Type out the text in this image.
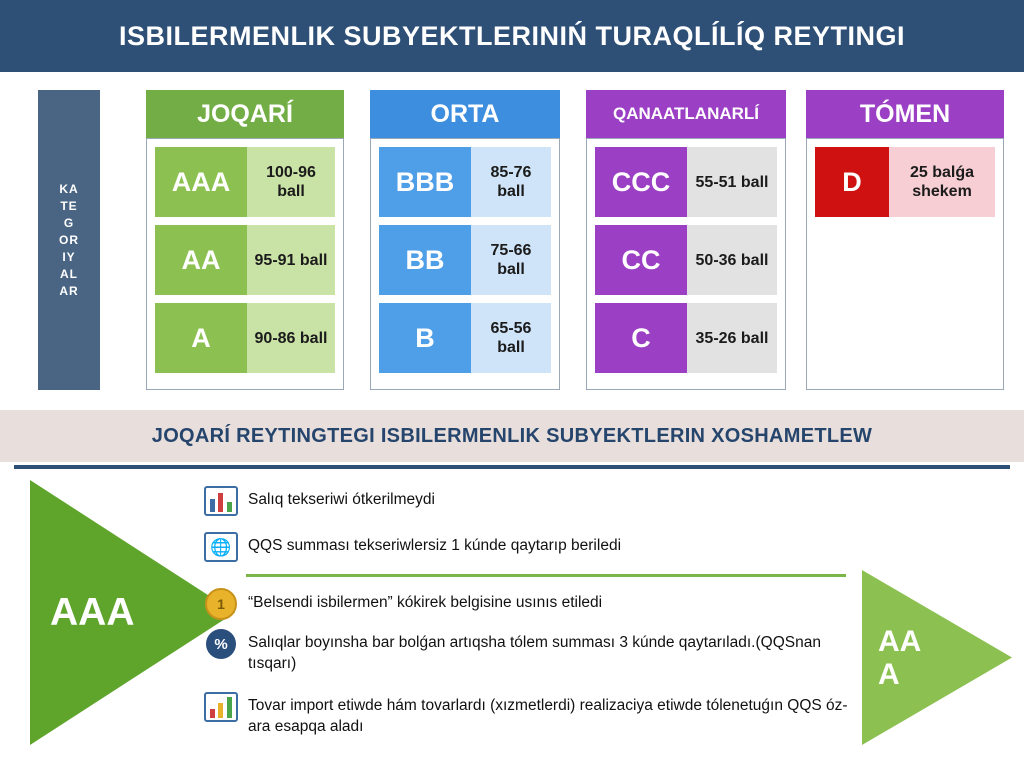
ISBILERMENLIK SUBYEKTLERINIŃ TURAQLÍLÍQ REYTINGI
KATEGORIYALAR
JOQARÍ
AAA	100-96 ball
AA	95-91 ball
A	90-86 ball
ORTA
BBB	85-76 ball
BB	75-66 ball
B	65-56 ball
QANAATLANARLÍ
CCC	55-51 ball
CC	50-36 ball
C	35-26 ball
TÓMEN
D	25 balǵa shekem
JOQARÍ REYTINGTEGI ISBILERMENLIK SUBYEKTLERIN XOSHAMETLEW
AAA
Salıq tekseriwi ótkerilmeydi
🌐 QQS summası tekseriwlersiz 1 kúnde qaytarıp beriledi
1	“Belsendi isbilermen” kókirek belgisine usınıs etiledi
%	Salıqlar boyınsha bar bolǵan artıqsha tólem summası 3 kúnde qaytarıladı.(QQSnan tısqarı)
Tovar import etiwde hám tovarlardı (xızmetlerdi) realizaciya etiwde tólenetuǵın QQS óz-ara esapqa aladı
AA A
